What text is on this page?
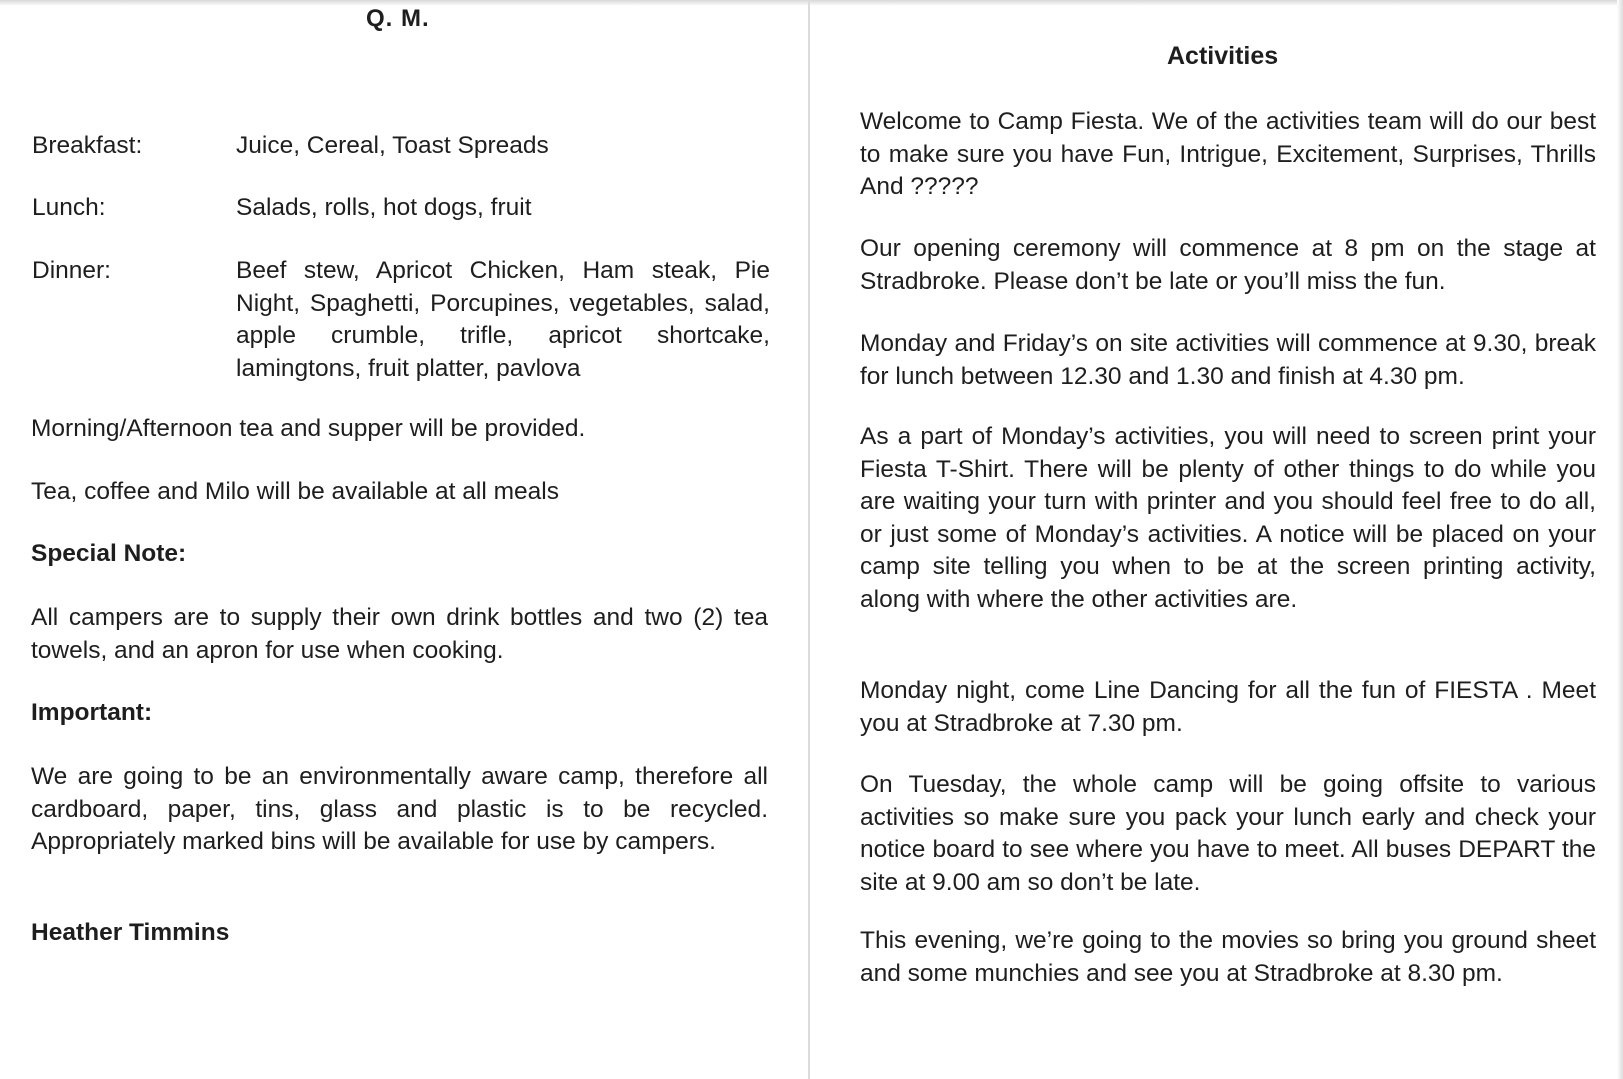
Q. M.

Breakfast:	Juice, Cereal, Toast Spreads

Lunch:	Salads, rolls, hot dogs, fruit

Dinner:	Beef stew, Apricot Chicken, Ham steak, Pie Night, Spaghetti, Porcupines, vegetables, salad, apple crumble, trifle, apricot shortcake, lamingtons, fruit platter, pavlova

Morning/Afternoon tea and supper will be provided.

Tea, coffee and Milo will be available at all meals

Special Note:

All campers are to supply their own drink bottles and two (2) tea towels, and an apron for use when cooking.

Important:

We are going to be an environmentally aware camp, therefore all cardboard, paper, tins, glass and plastic is to be recycled. Appropriately marked bins will be available for use by campers.

Heather Timmins

Activities

Welcome to Camp Fiesta. We of the activities team will do our best to make sure you have Fun, Intrigue, Excitement, Surprises, Thrills And ?????

Our opening ceremony will commence at 8 pm on the stage at Stradbroke. Please don’t be late or you’ll miss the fun.

Monday and Friday’s on site activities will commence at 9.30, break for lunch between 12.30 and 1.30 and finish at 4.30 pm.

As a part of Monday’s activities, you will need to screen print your Fiesta T-Shirt. There will be plenty of other things to do while you are waiting your turn with printer and you should feel free to do all, or just some of Monday’s activities. A notice will be placed on your camp site telling you when to be at the screen printing activity, along with where the other activities are.

Monday night, come Line Dancing for all the fun of FIESTA . Meet you at Stradbroke at 7.30 pm.

On Tuesday, the whole camp will be going offsite to various activities so make sure you pack your lunch early and check your notice board to see where you have to meet. All buses DEPART the site at 9.00 am so don’t be late.

This evening, we’re going to the movies so bring you ground sheet and some munchies and see you at Stradbroke at 8.30 pm.
